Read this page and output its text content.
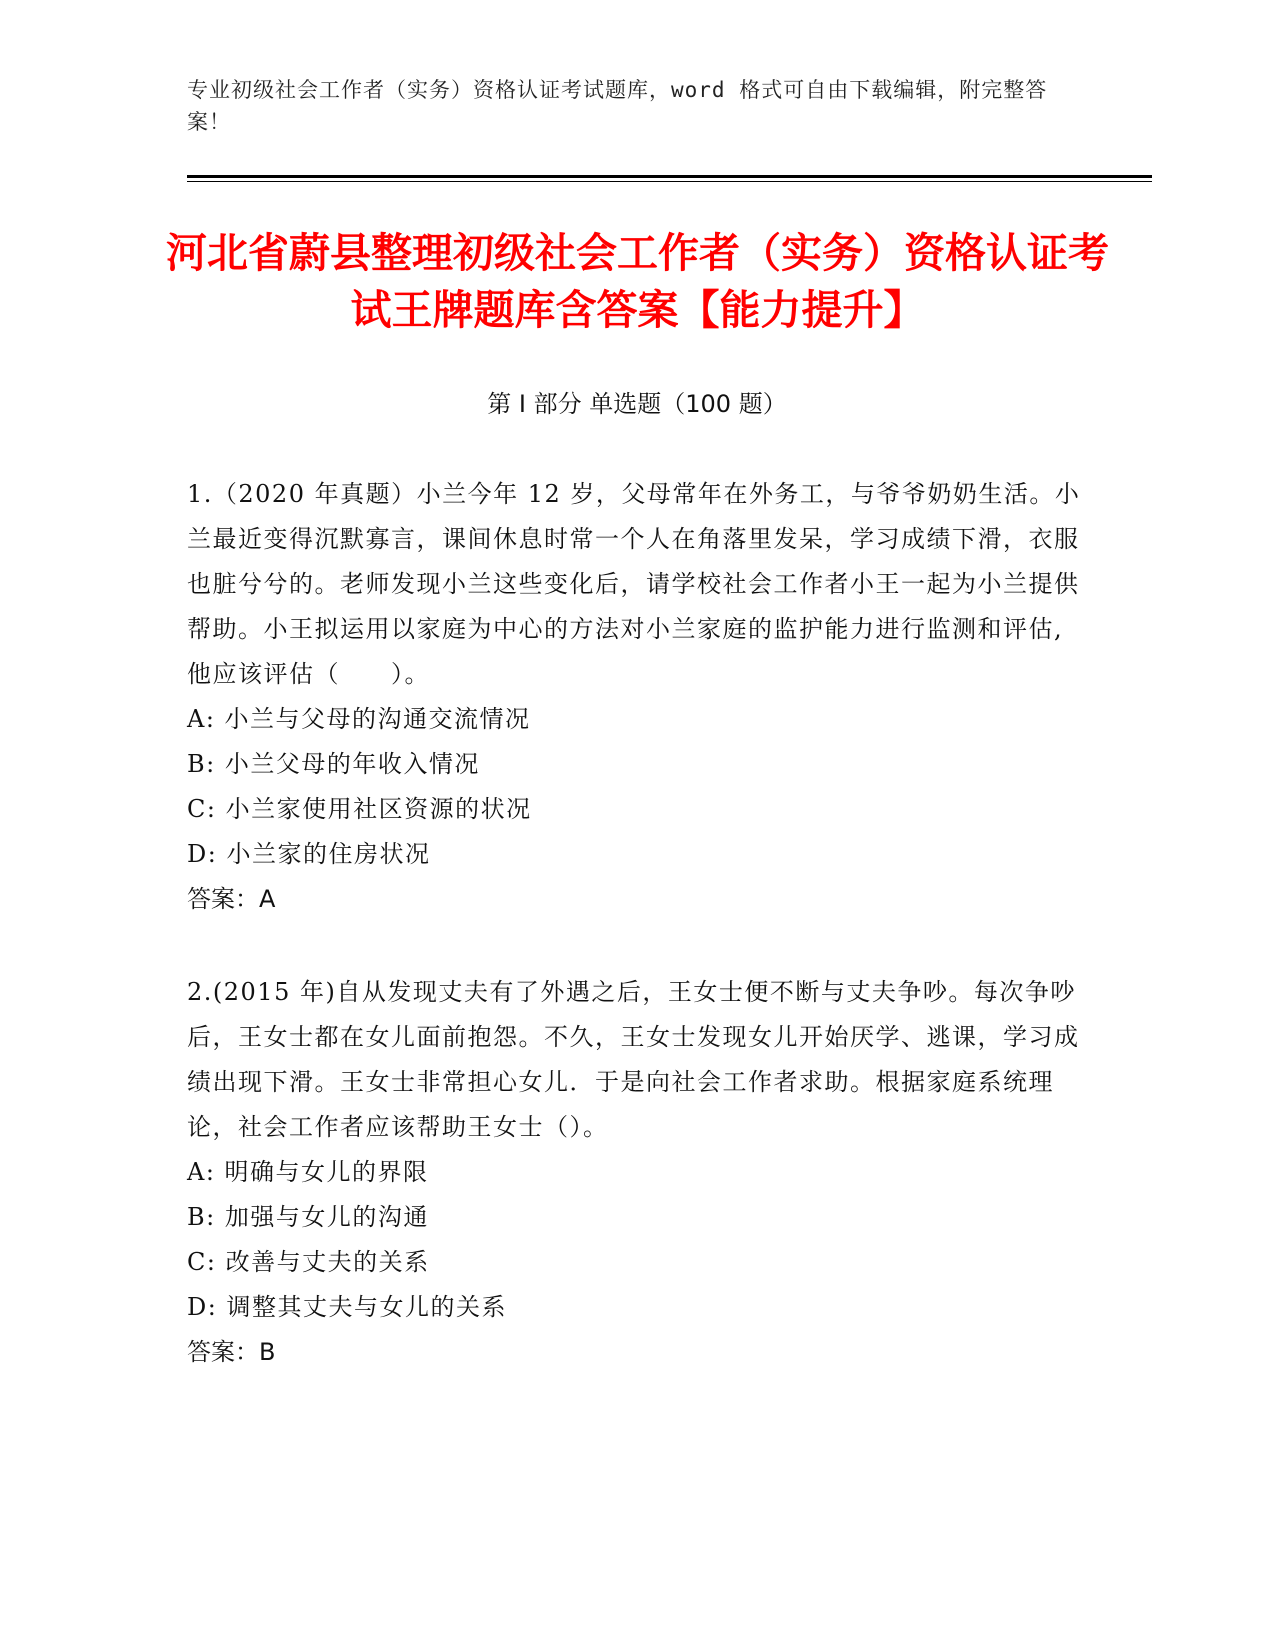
专业初级社会工作者（实务）资格认证考试题库，word 格式可自由下载编辑，附完整答案！
河北省蔚县整理初级社会工作者（实务）资格认证考试王牌题库含答案【能力提升】
第 I 部分 单选题（100 题）
1.（2020 年真题）小兰今年 12 岁，父母常年在外务工，与爷爷奶奶生活。小兰最近变得沉默寡言，课间休息时常一个人在角落里发呆，学习成绩下滑，衣服也脏兮兮的。老师发现小兰这些变化后，请学校社会工作者小王一起为小兰提供帮助。小王拟运用以家庭为中心的方法对小兰家庭的监护能力进行监测和评估,他应该评估（　　）。
A: 小兰与父母的沟通交流情况
B: 小兰父母的年收入情况
C: 小兰家使用社区资源的状况
D: 小兰家的住房状况
答案：A
2.(2015 年)自从发现丈夫有了外遇之后，王女士便不断与丈夫争吵。每次争吵后，王女士都在女儿面前抱怨。不久，王女士发现女儿开始厌学、逃课，学习成绩出现下滑。王女士非常担心女儿．于是向社会工作者求助。根据家庭系统理论，社会工作者应该帮助王女士（）。
A: 明确与女儿的界限
B: 加强与女儿的沟通
C: 改善与丈夫的关系
D: 调整其丈夫与女儿的关系
答案：B
